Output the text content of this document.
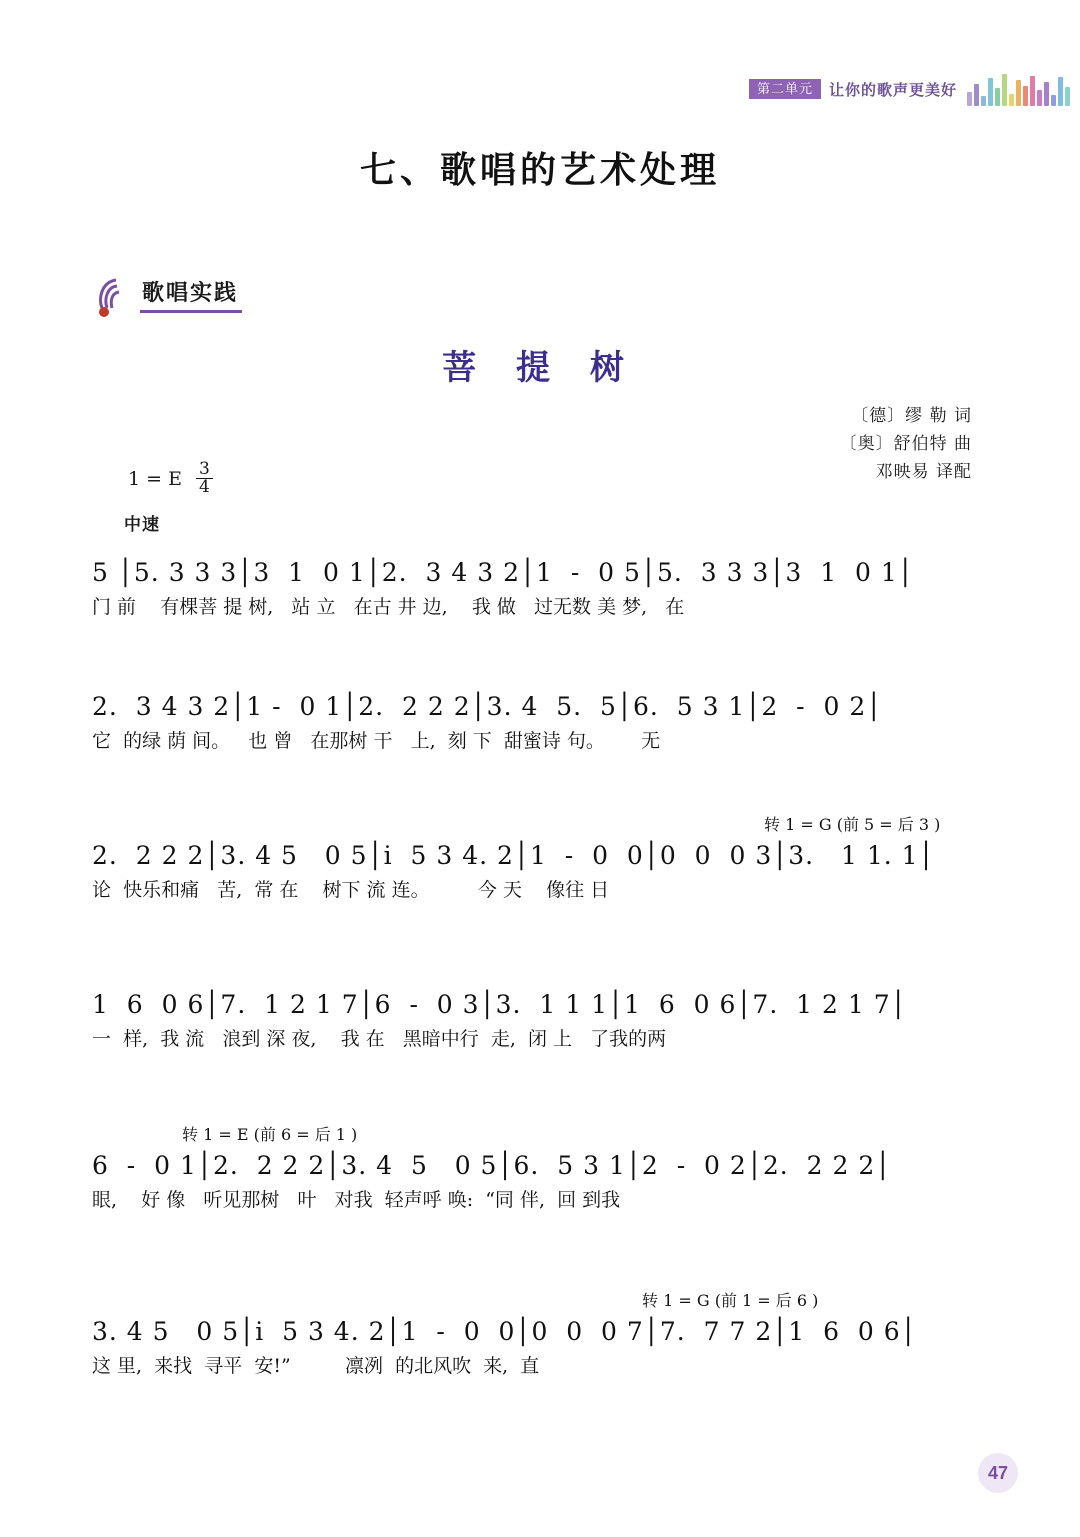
第二单元	让你的歌声更美好
七、歌唱的艺术处理
歌唱实践
菩 提 树
〔德〕缪 勒 词
〔奥〕舒伯特 曲
邓映易 译配
1 = E $\frac{3}{4}$
中速
5 │5. 3 3 3│3  1  0 1│2.  3 4 3 2│1  -  0 5│5.  3 3 3│3  1  0 1│
门 前    有棵菩 提 树,   站 立   在古 井 边,    我 做   过无数 美 梦,   在
2.  3 4 3 2│1 -  0 1│2.  2 2 2│3. 4  5.  5│6.  5 3 1│2  -  0 2│
它  的绿 荫 间。   也 曾   在那树 干   上,  刻 下  甜蜜诗 句。      无
转 1 = G (前 5 = 后 3 )
2.  2 2 2│3. 4 5   0 5│i  5 3 4. 2│1  -  0  0│0  0  0 3│3.   1 1. 1│
论  快乐和痛   苦,  常 在    树下 流 连。        今 天    像往 日
1  6  0 6│7.  1 2 1 7│6  -  0 3│3.  1 1 1│1  6  0 6│7.  1 2 1 7│
一  样,  我 流   浪到 深 夜,    我 在   黑暗中行  走,  闭 上   了我的两
转 1 = E (前 6 = 后 1 )
6  -  0 1│2.  2 2 2│3. 4  5   0 5│6.  5 3 1│2  -  0 2│2.  2 2 2│
眼,    好 像   听见那树   叶   对我  轻声呼 唤:  “同 伴,  回 到我
转 1 = G (前 1 = 后 6 )
3. 4 5   0 5│i  5 3 4. 2│1  -  0  0│0  0  0 7│7.  7 7 2│1  6  0 6│
这 里,  来找  寻平  安!”         凛冽  的北风吹  来,  直
47
